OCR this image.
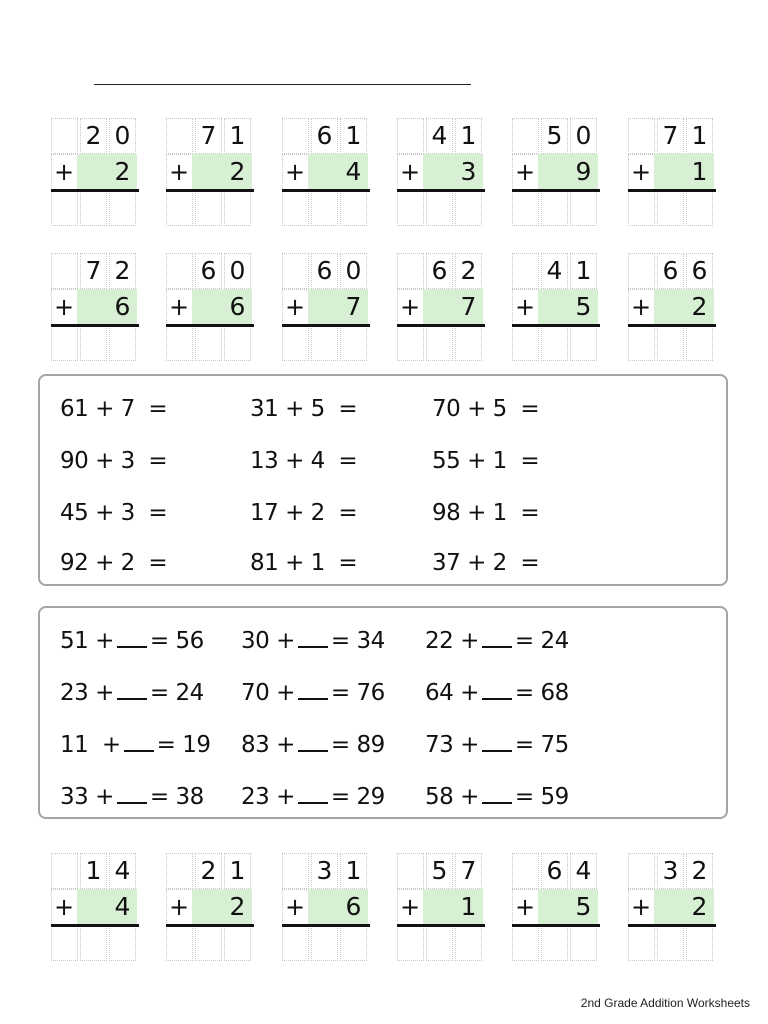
2 0
+ 2
7 1
+ 2
6 1
+ 4
4 1
+ 3
5 0
+ 9
7 1
+ 1
7 2
+ 6
6 0
+ 6
6 0
+ 7
6 2
+ 7
4 1
+ 5
6 6
+ 2
61 + 7  =	31 + 5  =	70 + 5  =
90 + 3  =	13 + 4  =	55 + 1  =
45 + 3  =	17 + 2  =	98 + 1  =
92 + 2  =	81 + 1  =	37 + 2  =
51 + = 56 30 + = 34 22 + = 24
23 + = 24 70 + = 76 64 + = 68
11  + = 19 83 + = 89 73 + = 75
33 + = 38 23 + = 29 58 + = 59
1 4
+ 4
2 1
+ 2
3 1
+ 6
5 7
+ 1
6 4
+ 5
3 2
+ 2
2nd Grade Addition Worksheets
